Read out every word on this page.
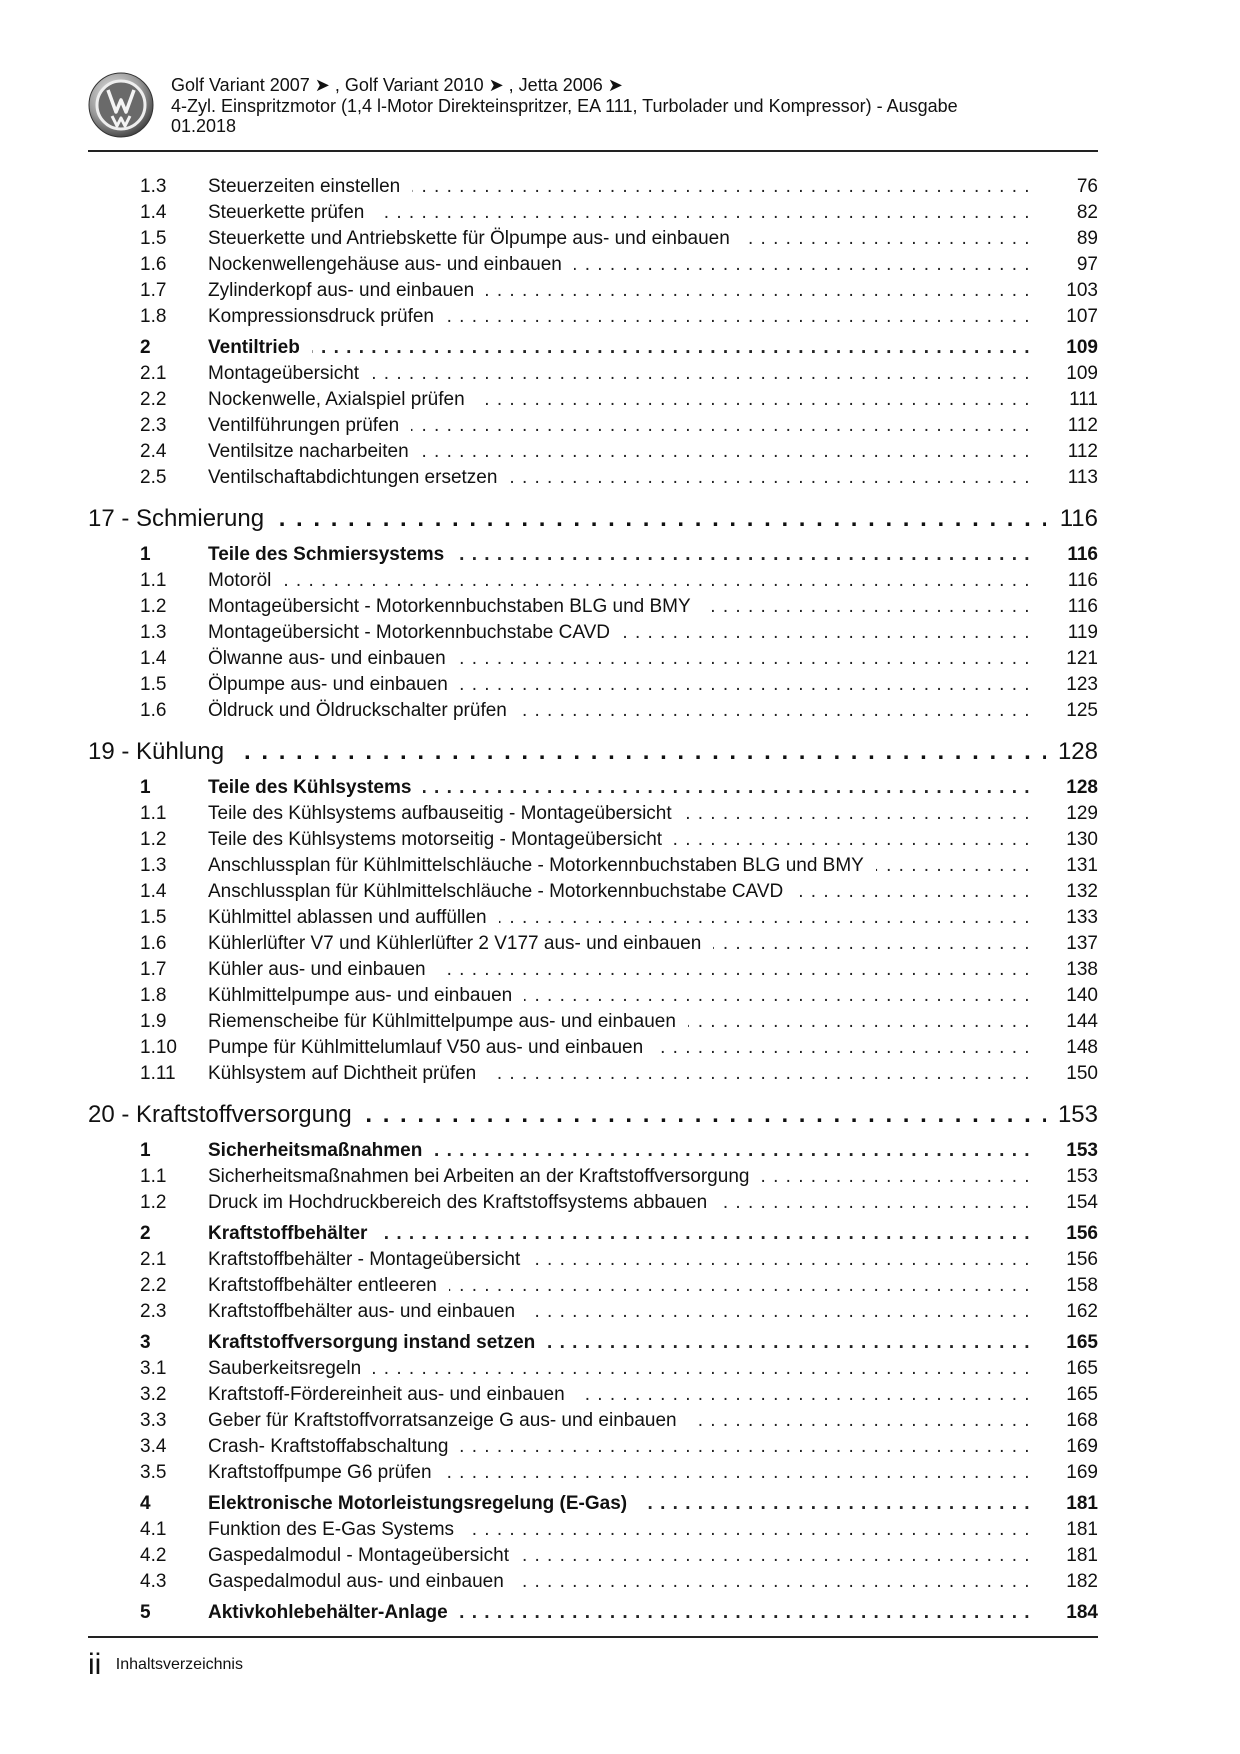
Golf Variant 2007 ➤ , Golf Variant 2010 ➤ , Jetta 2006 ➤
4-Zyl. Einspritzmotor (1,4 l-Motor Direkteinspritzer, EA 111, Turbolader und Kompressor) - Ausgabe
01.2018
1.3 Steuerzeiten einstellen . . .	76
1.4 Steuerkette prüfen . . .	82
1.5 Steuerkette und Antriebskette für Ölpumpe aus- und einbauen . . .	89
1.6 Nockenwellengehäuse aus- und einbauen . . .	97
1.7 Zylinderkopf aus- und einbauen . . .	103
1.8 Kompressionsdruck prüfen . . .	107
2	Ventiltrieb . . .	109
2.1 Montageübersicht . . .	109
2.2 Nockenwelle, Axialspiel prüfen . . .	111
2.3 Ventilführungen prüfen . . .	112
2.4 Ventilsitze nacharbeiten . . .	112
2.5 Ventilschaftabdichtungen ersetzen . . .	113
17 - Schmierung . . .	116
1	Teile des Schmiersystems . . .	116
1.1 Motoröl . . .	116
1.2 Montageübersicht - Motorkennbuchstaben BLG und BMY . . .	116
1.3 Montageübersicht - Motorkennbuchstabe CAVD . . .	119
1.4 Ölwanne aus- und einbauen . . .	121
1.5 Ölpumpe aus- und einbauen . . .	123
1.6 Öldruck und Öldruckschalter prüfen . . .	125
19 - Kühlung . . .	128
1	Teile des Kühlsystems . . .	128
1.1 Teile des Kühlsystems aufbauseitig - Montageübersicht . . .	129
1.2 Teile des Kühlsystems motorseitig - Montageübersicht . . .	130
1.3 Anschlussplan für Kühlmittelschläuche - Motorkennbuchstaben BLG und BMY . . .	131
1.4 Anschlussplan für Kühlmittelschläuche - Motorkennbuchstabe CAVD . . .	132
1.5 Kühlmittel ablassen und auffüllen . . .	133
1.6 Kühlerlüfter V7 und Kühlerlüfter 2 V177 aus- und einbauen . . .	137
1.7 Kühler aus- und einbauen . . .	138
1.8 Kühlmittelpumpe aus- und einbauen . . .	140
1.9 Riemenscheibe für Kühlmittelpumpe aus- und einbauen . . .	144
1.10 Pumpe für Kühlmittelumlauf V50 aus- und einbauen . . .	148
1.11 Kühlsystem auf Dichtheit prüfen . . .	150
20 - Kraftstoffversorgung . . .	153
1	Sicherheitsmaßnahmen . . .	153
1.1 Sicherheitsmaßnahmen bei Arbeiten an der Kraftstoffversorgung . . .	153
1.2 Druck im Hochdruckbereich des Kraftstoffsystems abbauen . . .	154
2	Kraftstoffbehälter . . .	156
2.1 Kraftstoffbehälter - Montageübersicht . . .	156
2.2 Kraftstoffbehälter entleeren . . .	158
2.3 Kraftstoffbehälter aus- und einbauen . . .	162
3	Kraftstoffversorgung instand setzen . . .	165
3.1 Sauberkeitsregeln . . .	165
3.2 Kraftstoff-Fördereinheit aus- und einbauen . . .	165
3.3 Geber für Kraftstoffvorratsanzeige G aus- und einbauen . . .	168
3.4 Crash- Kraftstoffabschaltung . . .	169
3.5 Kraftstoffpumpe G6 prüfen . . .	169
4	Elektronische Motorleistungsregelung (E-Gas) . . .	181
4.1 Funktion des E-Gas Systems . . .	181
4.2 Gaspedalmodul - Montageübersicht . . .	181
4.3 Gaspedalmodul aus- und einbauen . . .	182
5	Aktivkohlebehälter-Anlage . . .	184
ii Inhaltsverzeichnis
